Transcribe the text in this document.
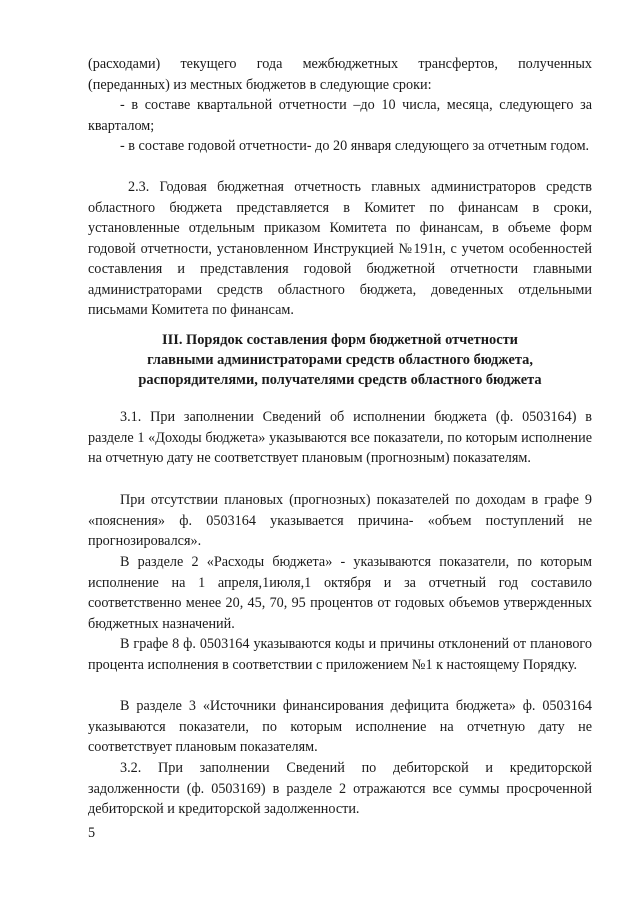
(расходами) текущего года межбюджетных трансфертов, полученных (переданных) из местных бюджетов в следующие сроки:

- в составе квартальной отчетности –до 10 числа, месяца, следующего за кварталом;

- в составе годовой отчетности- до 20 января следующего за отчетным годом.

2.3. Годовая бюджетная отчетность главных администраторов средств областного бюджета представляется в Комитет по финансам в сроки, установленные отдельным приказом Комитета по финансам, в объеме форм годовой отчетности, установленном Инструкцией №191н, с учетом особенностей составления и представления годовой бюджетной отчетности главными администраторами средств областного бюджета, доведенных отдельными письмами Комитета по финансам.

III. Порядок составления форм бюджетной отчетности

главными администраторами средств областного бюджета,

распорядителями, получателями средств областного бюджета

3.1. При заполнении Сведений об исполнении бюджета (ф. 0503164) в разделе 1 «Доходы бюджета» указываются все показатели, по которым исполнение на отчетную дату не соответствует плановым (прогнозным) показателям.

При отсутствии плановых (прогнозных) показателей по доходам в графе 9 «пояснения» ф. 0503164 указывается причина- «объем поступлений не прогнозировался».

В разделе 2 «Расходы бюджета» - указываются показатели, по которым исполнение на 1 апреля,1июля,1 октября и за отчетный год составило соответственно менее 20, 45, 70, 95 процентов от годовых объемов утвержденных бюджетных назначений.

В графе 8 ф. 0503164 указываются коды и причины отклонений от планового процента исполнения в соответствии с приложением №1 к настоящему Порядку.

В разделе 3 «Источники финансирования дефицита бюджета» ф. 0503164 указываются показатели, по которым исполнение на отчетную дату не соответствует плановым показателям.

3.2. При заполнении Сведений по дебиторской и кредиторской задолженности (ф. 0503169) в разделе 2 отражаются все суммы просроченной дебиторской и кредиторской задолженности.

5
